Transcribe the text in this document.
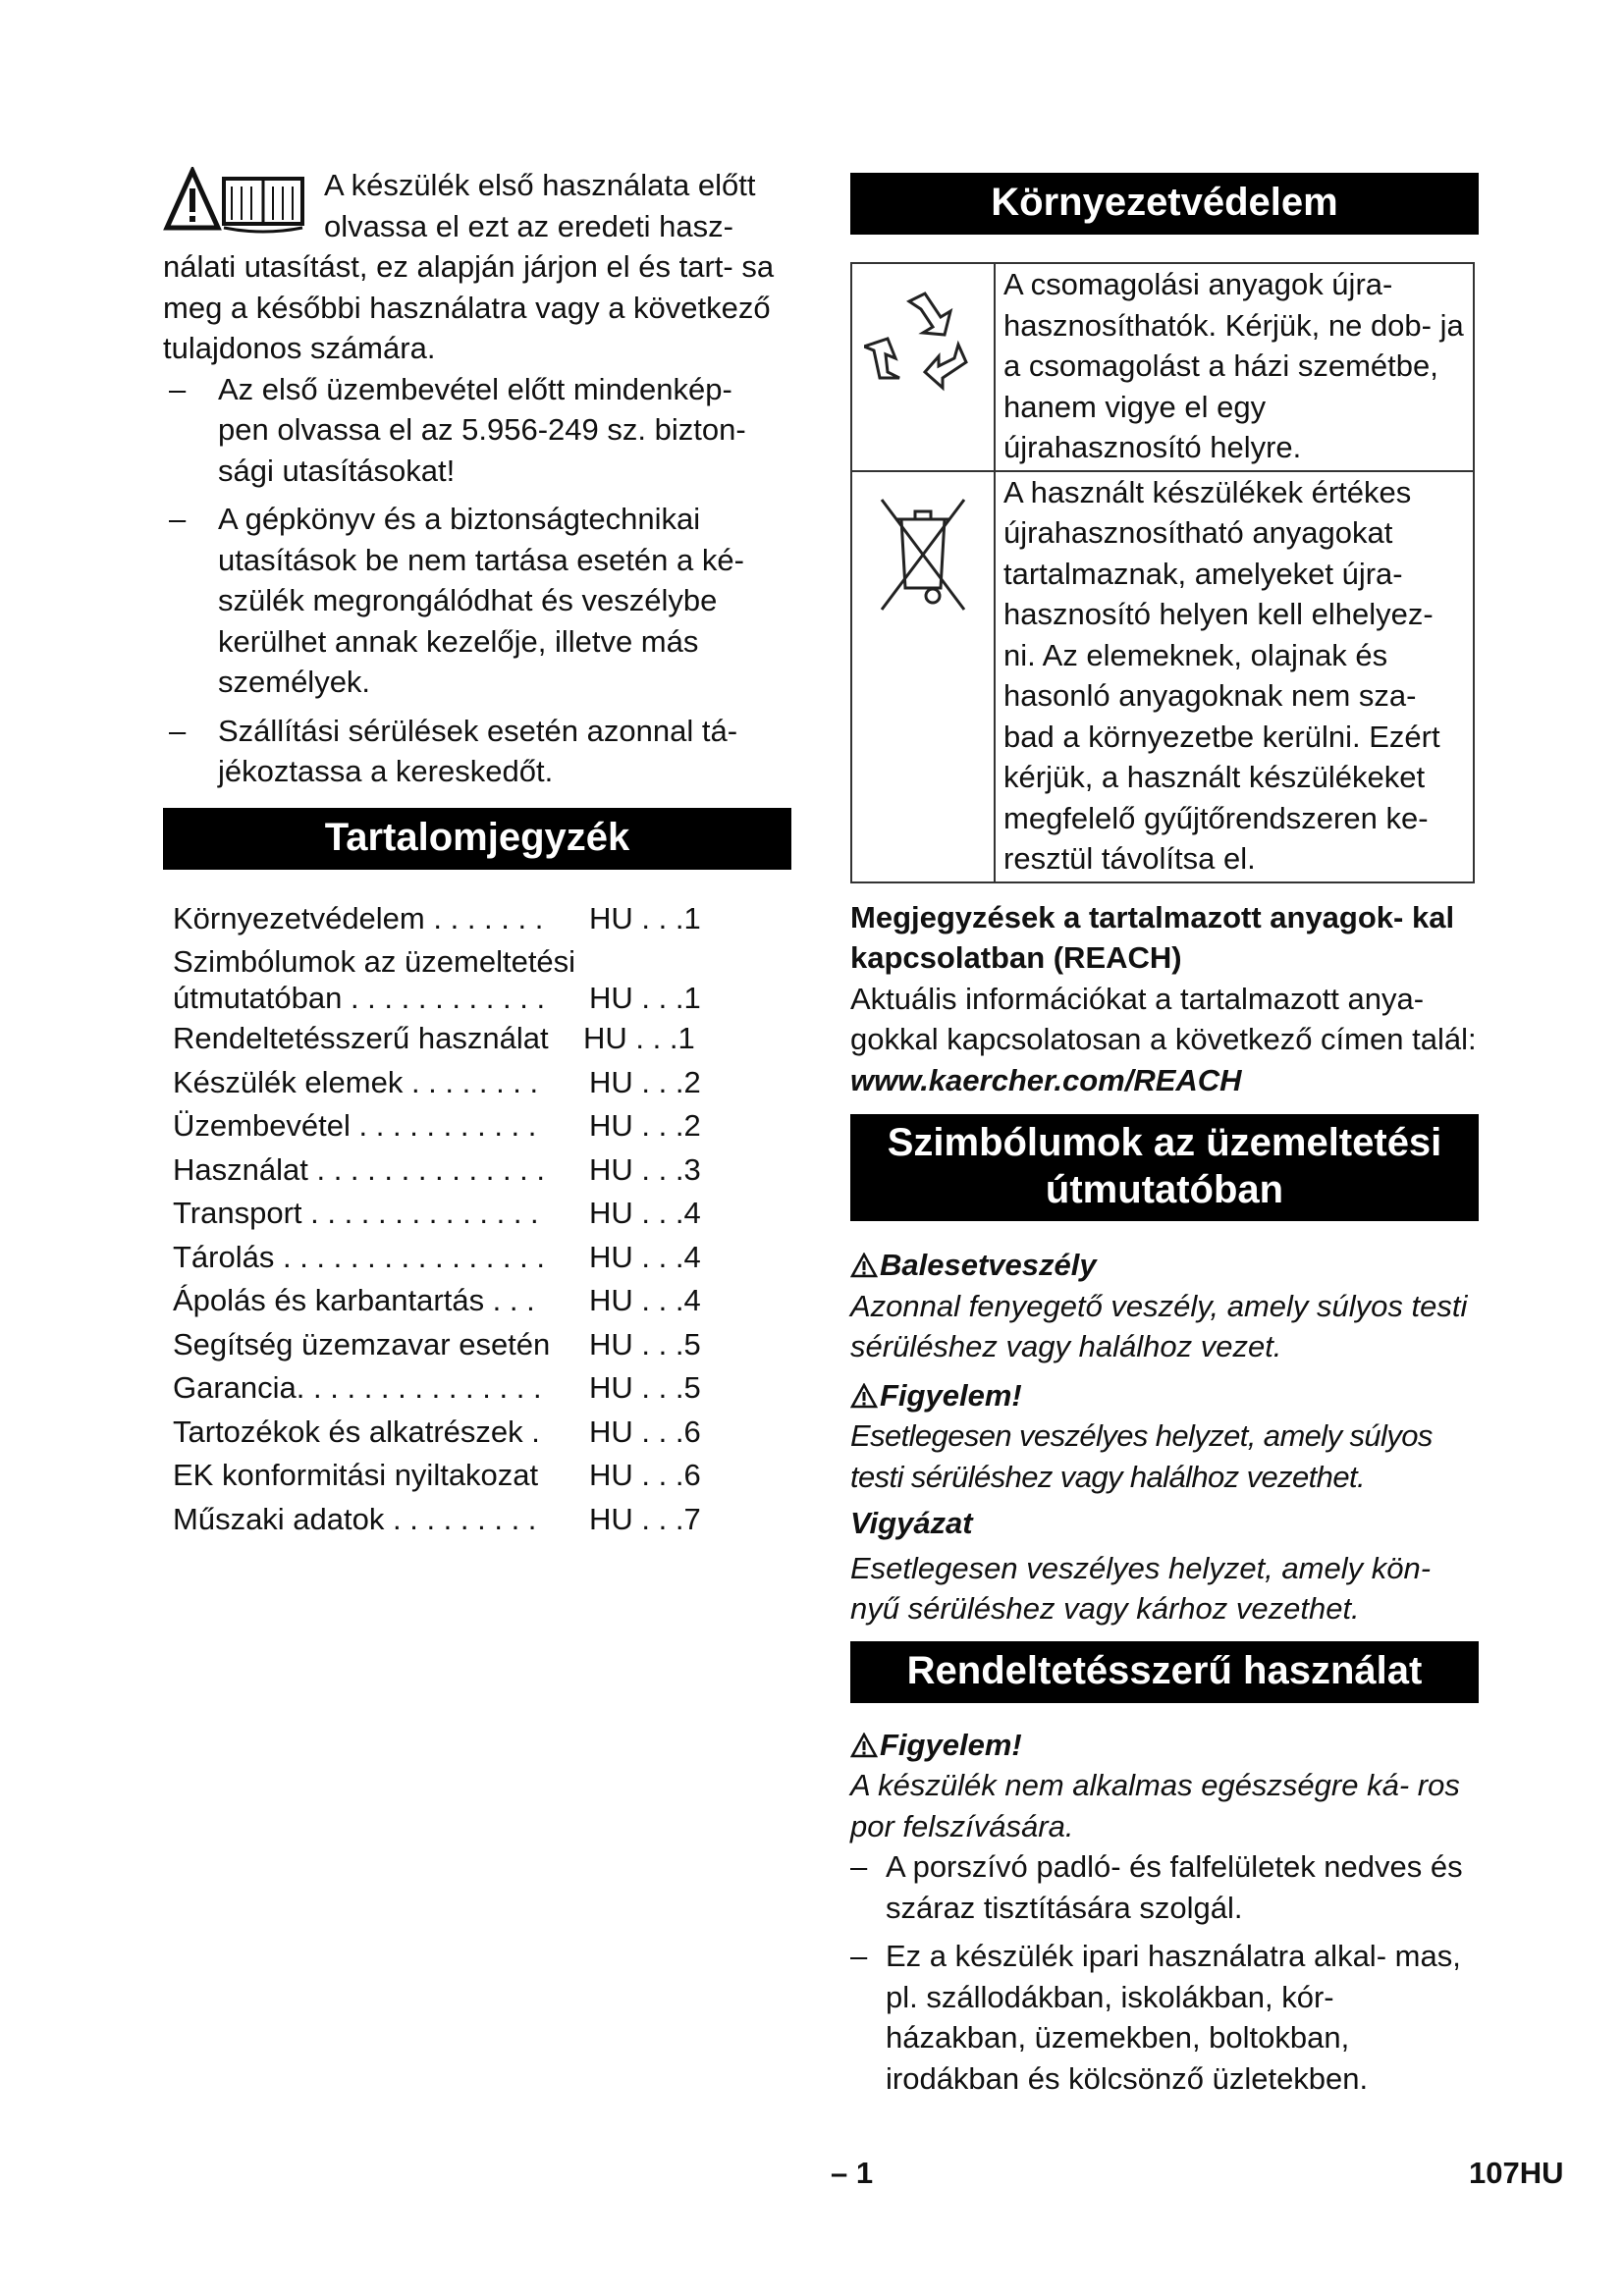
A készülék első használata előtt

olvassa el ezt az eredeti hasz-

nálati utasítást, ez alapján járjon el és tart- sa meg a későbbi használatra vagy a következő tulajdonos számára.

– Az első üzembevétel előtt mindenkép- pen olvassa el az 5.956-249 sz. bizton- sági utasításokat!
– A gépkönyv és a biztonságtechnikai utasítások be nem tartása esetén a ké- szülék megrongálódhat és veszélybe kerülhet annak kezelője, illetve más személyek.
– Szállítási sérülések esetén azonnal tá- jékoztassa a kereskedőt.
Tartalomjegyzék
Környezetvédelem . . . . . . . HU . . .1
Szimbólumok az üzemeltetési
útmutatóban . . . . . . . . . . . . HU . . .1
Rendeltetésszerű használat HU . . .1
Készülék elemek . . . . . . . . HU . . .2
Üzembevétel . . . . . . . . . . . HU . . .2
Használat . . . . . . . . . . . . . . HU . . .3
Transport . . . . . . . . . . . . . . HU . . .4
Tárolás . . . . . . . . . . . . . . . . HU . . .4
Ápolás és karbantartás . . . HU . . .4
Segítség üzemzavar esetén HU . . .5
Garancia. . . . . . . . . . . . . . . HU . . .5
Tartozékok és alkatrészek . HU . . .6
EK konformitási nyiltakozat HU . . .6
Műszaki adatok . . . . . . . . . HU . . .7
Környezetvédelem
	A csomagolási anyagok újra- hasznosíthatók. Kérjük, ne dob- ja a csomagolást a házi szemétbe, hanem vigye el egy újrahasznosító helyre.
	A használt készülékek értékes újrahasznosítható anyagokat tartalmaznak, amelyeket újra- hasznosító helyen kell elhelyez- ni. Az elemeknek, olajnak és hasonló anyagoknak nem sza- bad a környezetbe kerülni. Ezért kérjük, a használt készülékeket megfelelő gyűjtőrendszeren ke- resztül távolítsa el.

Megjegyzések a tartalmazott anyagok- kal kapcsolatban (REACH)

Aktuális információkat a tartalmazott anya- gokkal kapcsolatosan a következő címen talál:

www.kaercher.com/REACH

Szimbólumok az üzemeltetési
útmutatóban
Balesetveszély

Azonnal fenyegető veszély, amely súlyos testi sérüléshez vagy halálhoz vezet.

Figyelem!

Esetlegesen veszélyes helyzet, amely súlyos testi sérüléshez vagy halálhoz vezethet.

Vigyázat

Esetlegesen veszélyes helyzet, amely kön- nyű sérüléshez vagy kárhoz vezethet.

Rendeltetésszerű használat
Figyelem!

A készülék nem alkalmas egészségre ká- ros por felszívására.

– A porszívó padló- és falfelületek nedves és száraz tisztítására szolgál.
– Ez a készülék ipari használatra alkal- mas, pl. szállodákban, iskolákban, kór- házakban, üzemekben, boltokban, irodákban és kölcsönző üzletekben.
– 1	107HU
